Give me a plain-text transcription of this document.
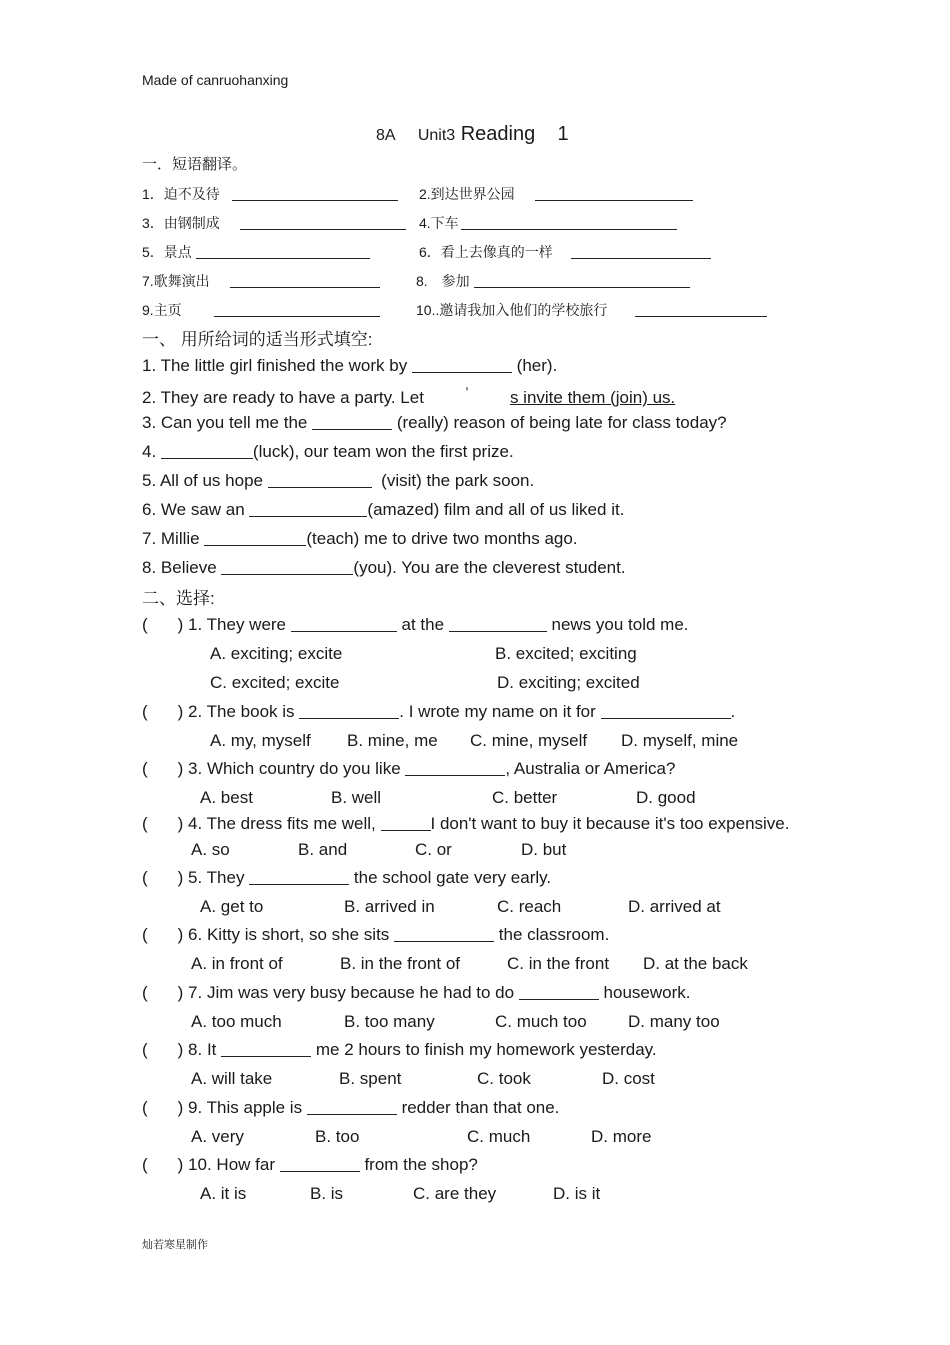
Made of canruohanxing
8A Unit3 Reading 1
一．短语翻译。
1．迫不及待	2.到达世界公园
3．由钢制成	4.下车
5．景点	6．看上去像真的一样
7.歌舞演出	8.　参加
9.主页	10..邀请我加入他们的学校旅行
一、 用所给词的适当形式填空:
1. The little girl finished the work by	(her).
2. They are ready to have a party. Let	’ s invite them (join) us.
3. Can you tell me the	(really) reason of being late for class today?
4.	(luck), our team won the first prize.
5. All of us hope	(visit) the park soon.
6. We saw an	(amazed) film and all of us liked it.
7. Millie	(teach) me to drive two months ago.
8. Believe	(you). You are the cleverest student.
二、选择:
( ) 1. They were	at the	news you told me.
A. exciting; excite	B. excited; exciting
C. excited; excite	D. exciting; excited
( ) 2. The book is	. I wrote my name on it for	.
A. my, myself B. mine, me C. mine, myself D. myself, mine
( ) 3. Which country do you like	, Australia or America?
A. best	B. well	C. better	D. good
( ) 4. The dress fits me well,	I don't want to buy it because it's too expensive.
A. so	B. and	C. or	D. but
( ) 5. They	the school gate very early.
A. get to	B. arrived in	C. reach	D. arrived at
( ) 6. Kitty is short, so she sits	the classroom.
A. in front of	B. in the front of	C. in the front D. at the back
( ) 7. Jim was very busy because he had to do	housework.
A. too much	B. too many	C. much too D. many too
( ) 8. It	me 2 hours to finish my homework yesterday.
A. will take	B. spent	C. took	D. cost
( ) 9. This apple is	redder than that one.
A. very	B. too	C. much	D. more
( ) 10. How far	from the shop?
A. it is	B. is	C. are they	D. is it
灿若寒星制作
